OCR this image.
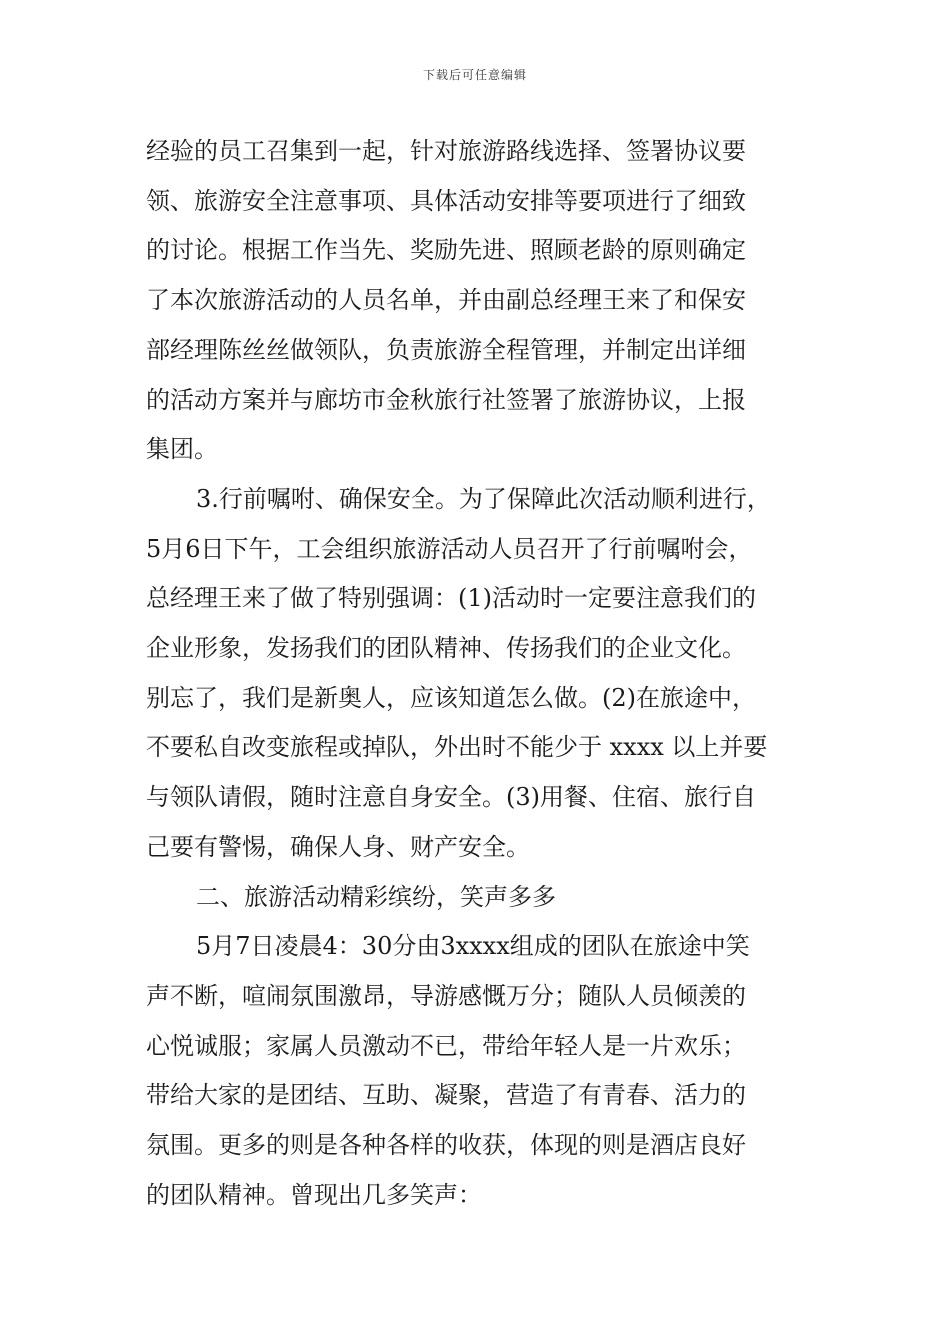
下载后可任意编辑
经验的员工召集到一起，针对旅游路线选择、签署协议要
领、旅游安全注意事项、具体活动安排等要项进行了细致
的讨论。根据工作当先、奖励先进、照顾老龄的原则确定
了本次旅游活动的人员名单，并由副总经理王来了和保安
部经理陈丝丝做领队，负责旅游全程管理，并制定出详细
的活动方案并与廊坊市金秋旅行社签署了旅游协议，上报
集团。
3.行前嘱咐、确保安全。为了保障此次活动顺利进行，
5月6日下午，工会组织旅游活动人员召开了行前嘱咐会，
总经理王来了做了特别强调：(1)活动时一定要注意我们的
企业形象，发扬我们的团队精神、传扬我们的企业文化。
别忘了，我们是新奥人，应该知道怎么做。(2)在旅途中，
不要私自改变旅程或掉队，外出时不能少于 xxxx 以上并要
与领队请假，随时注意自身安全。(3)用餐、住宿、旅行自
己要有警惕，确保人身、财产安全。
二、旅游活动精彩缤纷，笑声多多
5月7日凌晨4：30分由3xxxx组成的团队在旅途中笑
声不断，喧闹氛围激昂，导游感慨万分；随队人员倾羡的
心悦诚服；家属人员激动不已，带给年轻人是一片欢乐；
带给大家的是团结、互助、凝聚，营造了有青春、活力的
氛围。更多的则是各种各样的收获，体现的则是酒店良好
的团队精神。曾现出几多笑声：
